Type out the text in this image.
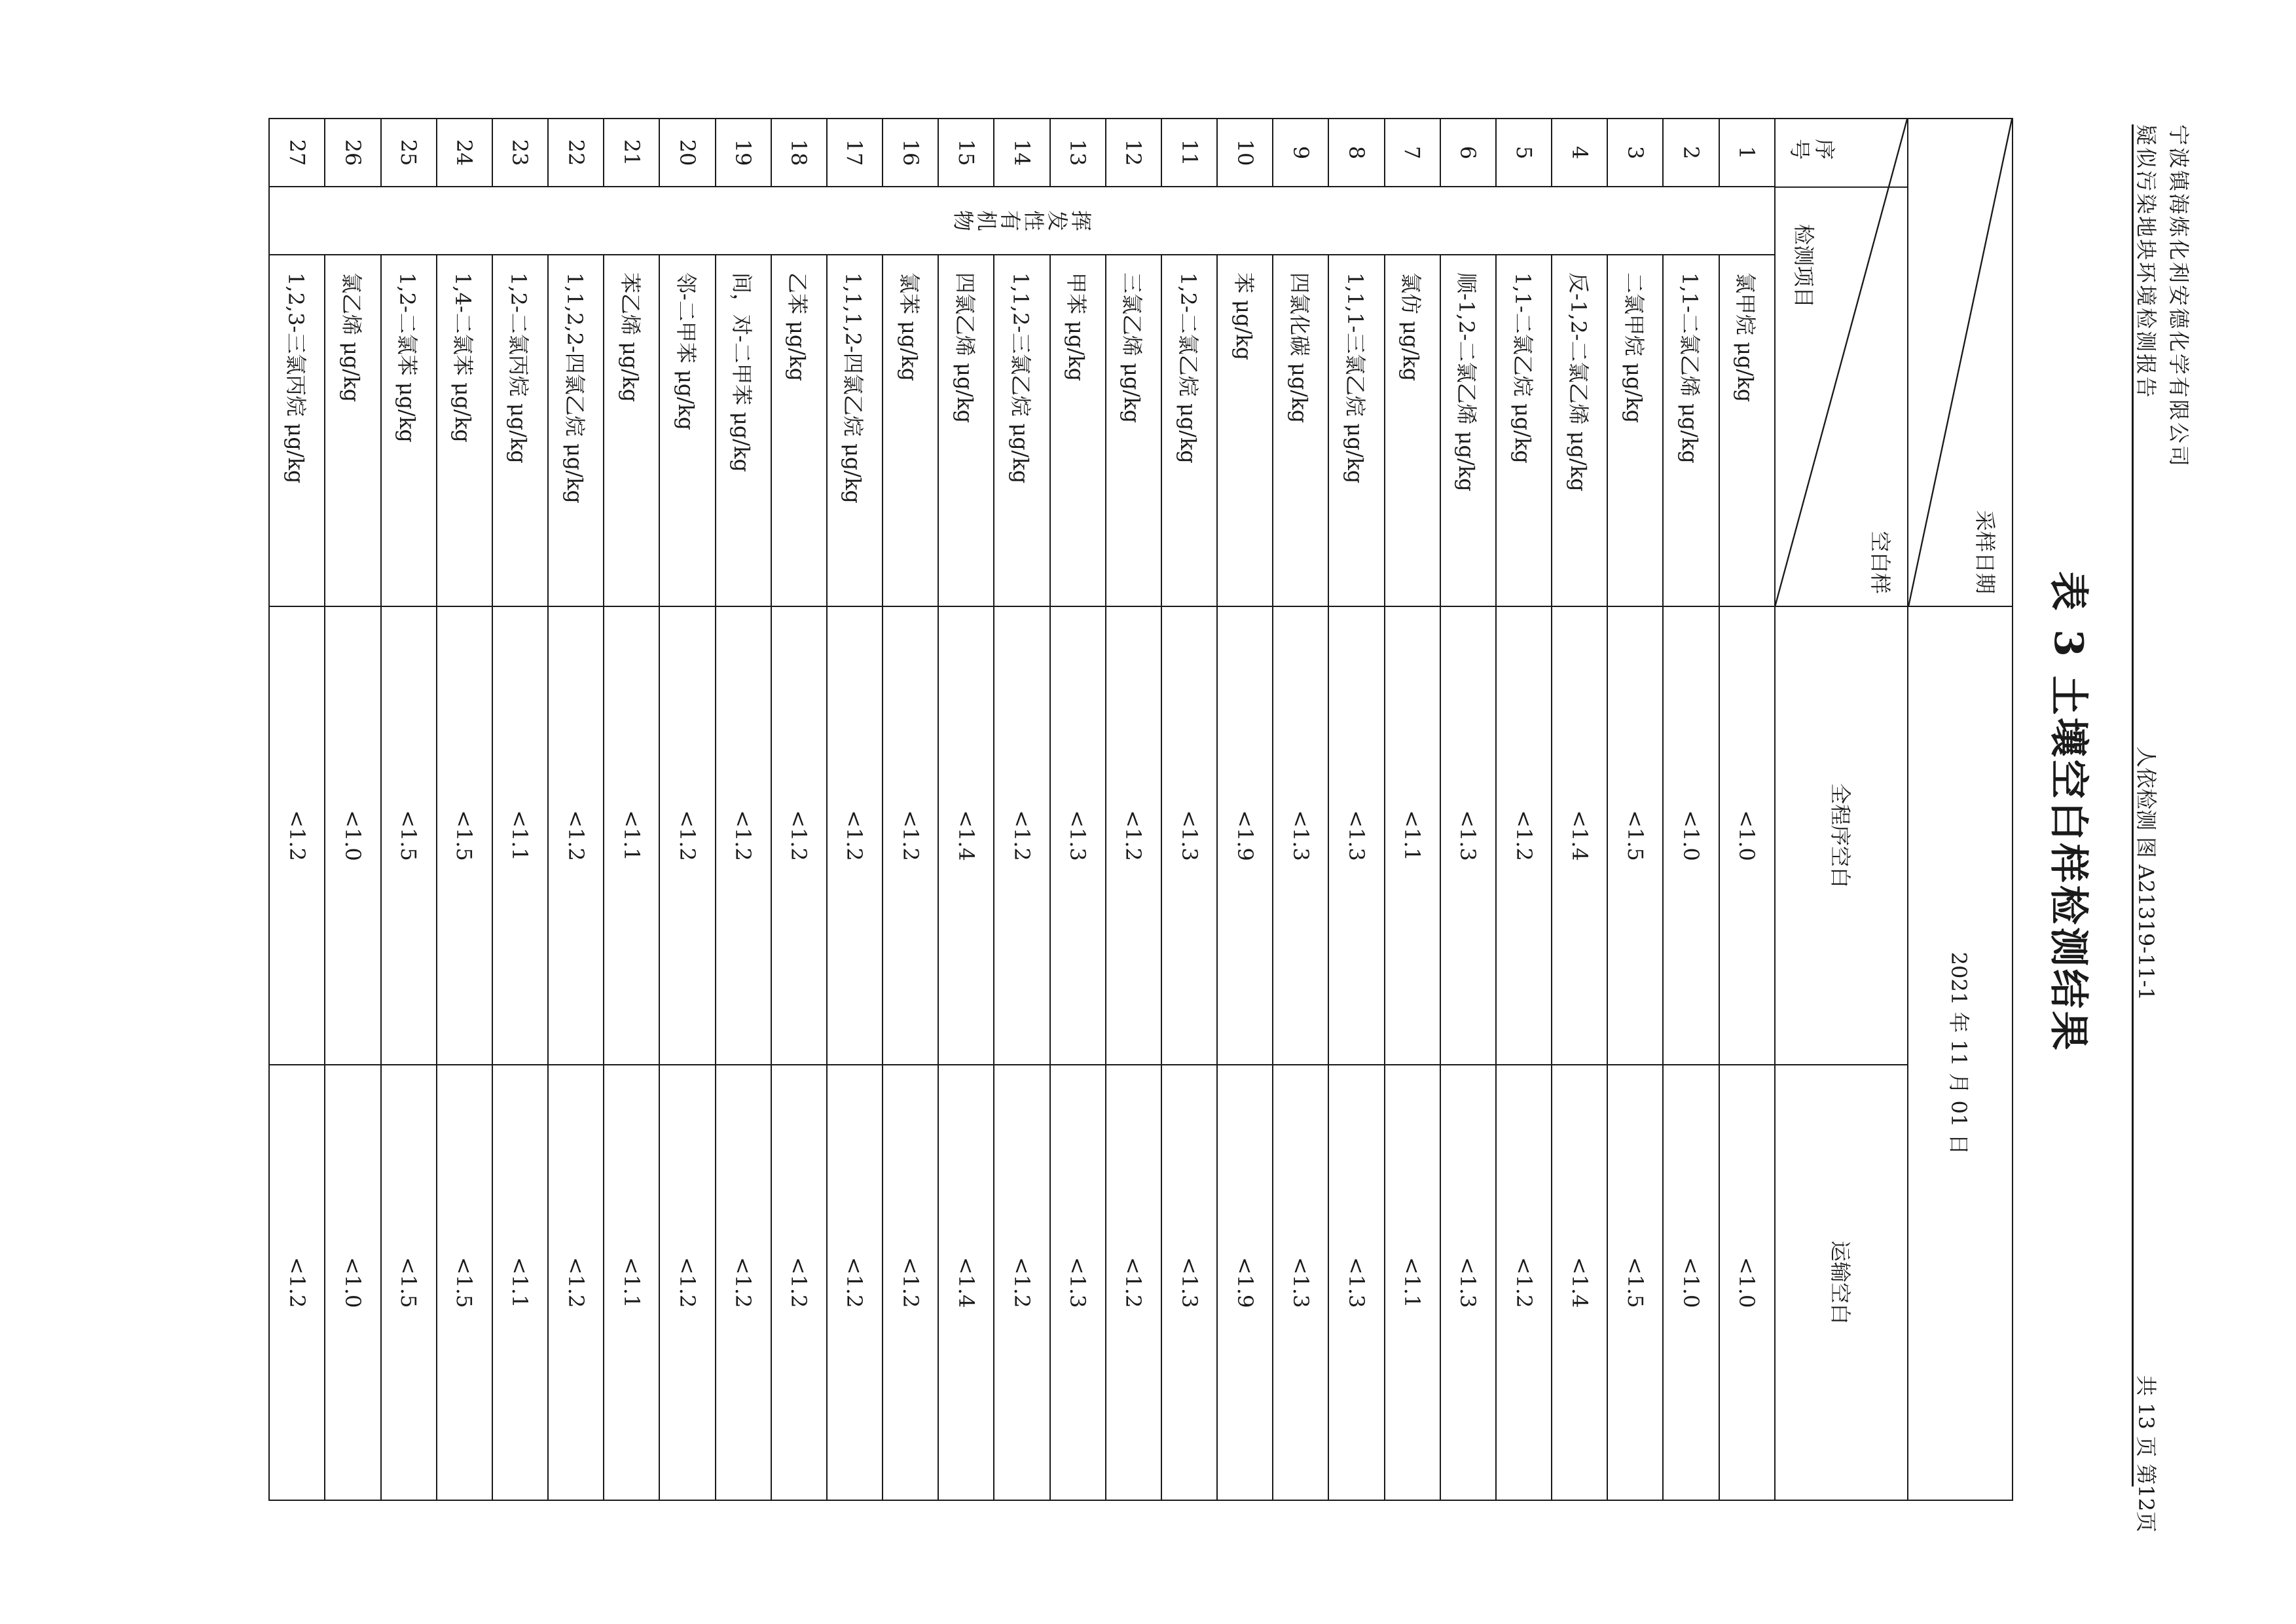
宁波镇海炼化利安德化学有限公司
疑似污染地块环境检测报告
人依检测 图 A21319-11-1
共 13 页 第12页
表 3 土壤空白样检测结果
采样日期			2021 年 11 月 01 日	

序号
空白样
检测项目			全程序空白	运输空白
1	挥发性有机物	氯甲烷 μg/kg	<1.0	<1.0
2		1,1-二氯乙烯 μg/kg	<1.0	<1.0
3		二氯甲烷 μg/kg	<1.5	<1.5
4		反-1,2-二氯乙烯 μg/kg	<1.4	<1.4
5		1,1-二氯乙烷 μg/kg	<1.2	<1.2
6		顺-1,2-二氯乙烯 μg/kg	<1.3	<1.3
7		氯仿 μg/kg	<1.1	<1.1
8		1,1,1-三氯乙烷 μg/kg	<1.3	<1.3
9		四氯化碳 μg/kg	<1.3	<1.3
10		苯 μg/kg	<1.9	<1.9
11		1,2-二氯乙烷 μg/kg	<1.3	<1.3
12		三氯乙烯 μg/kg	<1.2	<1.2
13		甲苯 μg/kg	<1.3	<1.3
14		1,1,2-三氯乙烷 μg/kg	<1.2	<1.2
15		四氯乙烯 μg/kg	<1.4	<1.4
16		氯苯 μg/kg	<1.2	<1.2
17		1,1,1,2-四氯乙烷 μg/kg	<1.2	<1.2
18		乙苯 μg/kg	<1.2	<1.2
19		间，对-二甲苯 μg/kg	<1.2	<1.2
20		邻-二甲苯 μg/kg	<1.2	<1.2
21		苯乙烯 μg/kg	<1.1	<1.1
22		1,1,2,2-四氯乙烷 μg/kg	<1.2	<1.2
23		1,2-二氯丙烷 μg/kg	<1.1	<1.1
24		1,4-二氯苯 μg/kg	<1.5	<1.5
25		1,2-二氯苯 μg/kg	<1.5	<1.5
26		氯乙烯 μg/kg	<1.0	<1.0
27		1,2,3-三氯丙烷 μg/kg	<1.2	<1.2
